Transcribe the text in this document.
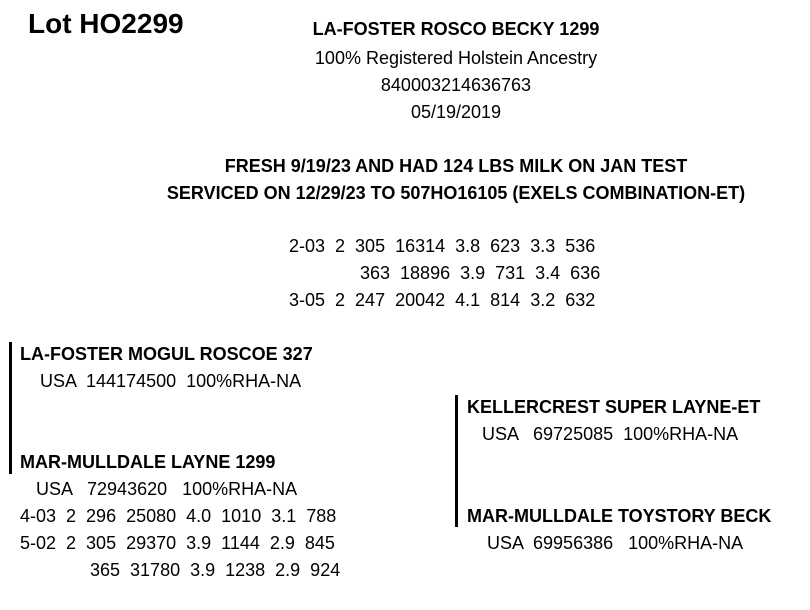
Lot HO2299	LA-FOSTER ROSCO BECKY 1299
100% Registered Holstein Ancestry
840003214636763
05/19/2019
FRESH 9/19/23 AND HAD 124 LBS MILK ON JAN TEST
SERVICED ON 12/29/23 TO 507HO16105 (EXELS COMBINATION-ET)
2-03  2  305  16314  3.8  623  3.3  536
363  18896  3.9  731  3.4  636
3-05  2  247  20042  4.1  814  3.2  632
LA-FOSTER MOGUL ROSCOE 327
USA  144174500  100%RHA-NA
MAR-MULLDALE LAYNE 1299
USA   72943620   100%RHA-NA
4-03  2  296  25080  4.0  1010  3.1  788
5-02  2  305  29370  3.9  1144  2.9  845
365  31780  3.9  1238  2.9  924
KELLERCREST SUPER LAYNE-ET
USA   69725085  100%RHA-NA
MAR-MULLDALE TOYSTORY BECK
USA  69956386   100%RHA-NA
